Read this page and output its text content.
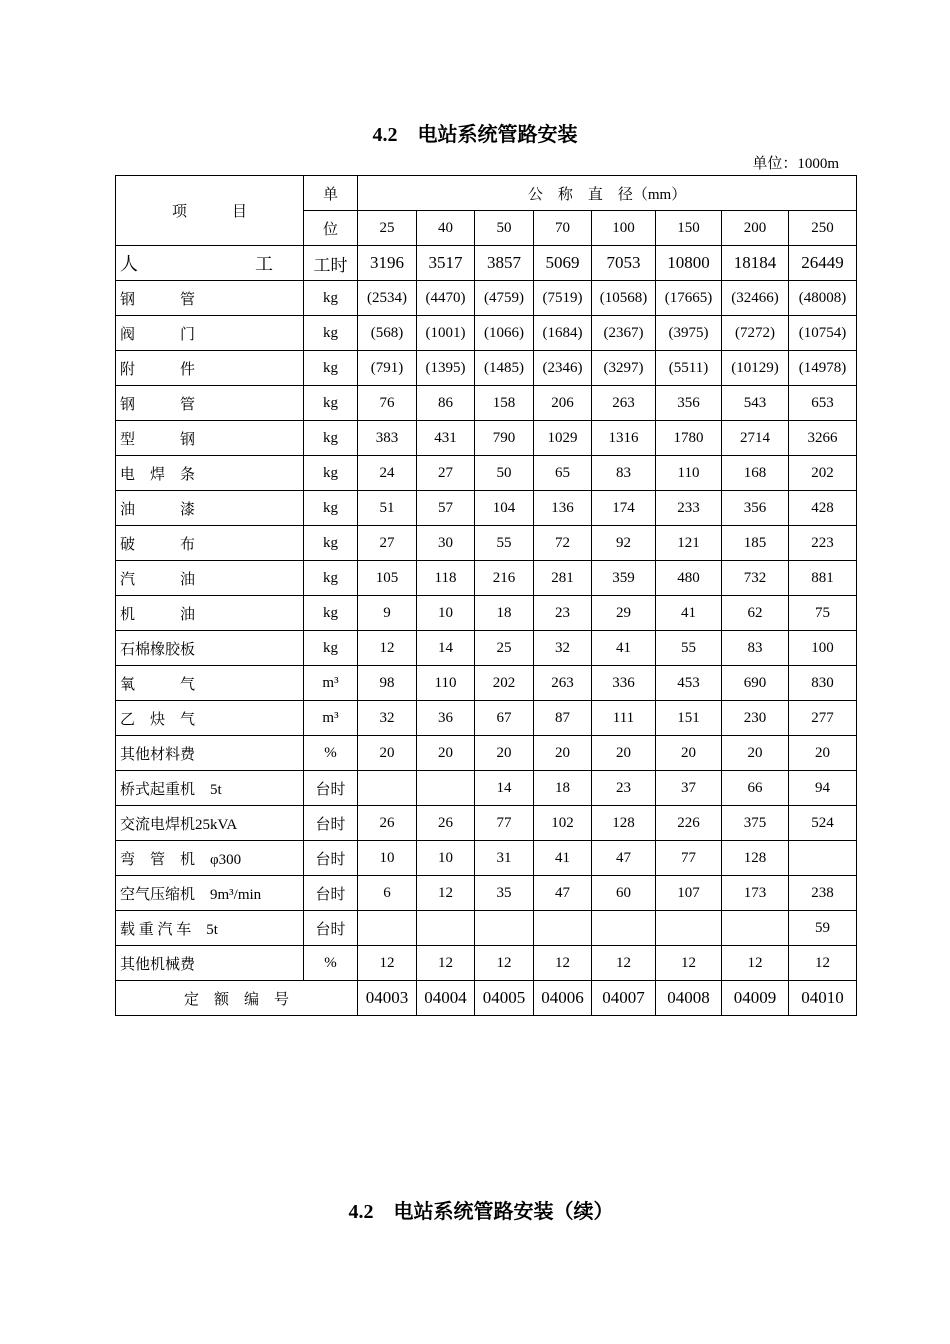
4.2　电站系统管路安装
单位：1000m
项　　　目	单	公　称　直　径（mm）							
	位	25	40	50	70	100	150	200	250

人 工	工时	3196	3517	3857	5069	7053	10800	18184	26449
钢　　　管	kg	(2534)	(4470)	(4759)	(7519)	(10568)	(17665)	(32466)	(48008)
阀　　　门	kg	(568)	(1001)	(1066)	(1684)	(2367)	(3975)	(7272)	(10754)
附　　　件	kg	(791)	(1395)	(1485)	(2346)	(3297)	(5511)	(10129)	(14978)
钢　　　管	kg	76	86	158	206	263	356	543	653
型　　　钢	kg	383	431	790	1029	1316	1780	2714	3266
电　焊　条	kg	24	27	50	65	83	110	168	202
油　　　漆	kg	51	57	104	136	174	233	356	428
破　　　布	kg	27	30	55	72	92	121	185	223
汽　　　油	kg	105	118	216	281	359	480	732	881
机　　　油	kg	9	10	18	23	29	41	62	75
石棉橡胶板	kg	12	14	25	32	41	55	83	100
氧　　　气	m³	98	110	202	263	336	453	690	830
乙　炔　气	m³	32	36	67	87	111	151	230	277
其他材料费	%	20	20	20	20	20	20	20	20
桥式起重机　5t	台时			14	18	23	37	66	94
交流电焊机25kVA	台时	26	26	77	102	128	226	375	524
弯　管　机　φ300	台时	10	10	31	41	47	77	128	
空气压缩机　9m³/min	台时	6	12	35	47	60	107	173	238
载 重 汽 车　5t	台时								59
其他机械费	%	12	12	12	12	12	12	12	12
定　额　编　号		04003	04004	04005	04006	04007	04008	04009	04010
4.2　电站系统管路安装（续）
